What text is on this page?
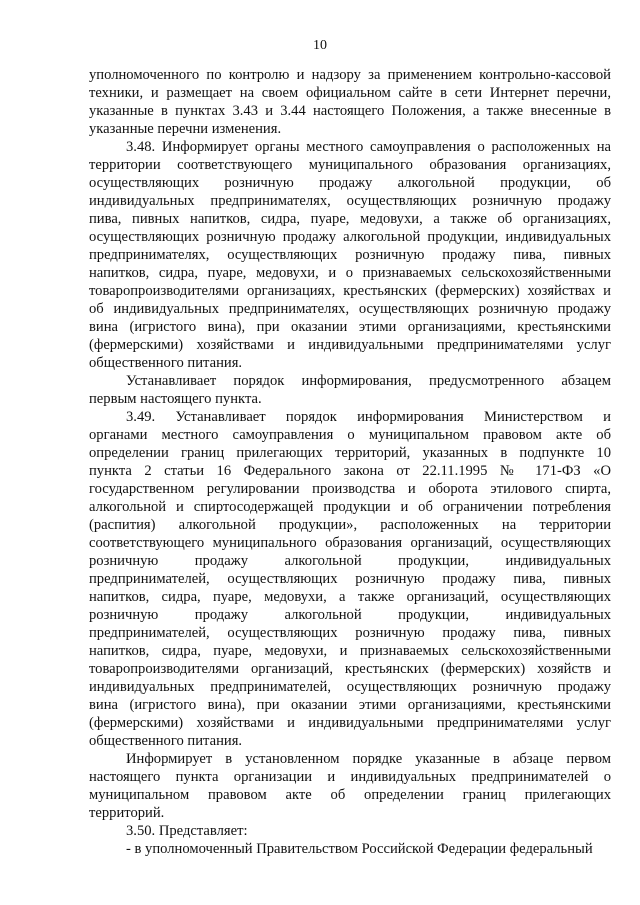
10
уполномоченного по контролю и надзору за применением контрольно-кассовой
техники, и размещает на своем официальном сайте в сети Интернет перечни,
указанные в пунктах 3.43 и 3.44 настоящего Положения, а также внесенные в
указанные перечни изменения.
3.48. Информирует органы местного самоуправления о расположенных на
территории соответствующего муниципального образования организациях,
осуществляющих розничную продажу алкогольной продукции, об
индивидуальных предпринимателях, осуществляющих розничную продажу
пива, пивных напитков, сидра, пуаре, медовухи, а также об организациях,
осуществляющих розничную продажу алкогольной продукции, индивидуальных
предпринимателях, осуществляющих розничную продажу пива, пивных
напитков, сидра, пуаре, медовухи, и о признаваемых сельскохозяйственными
товаропроизводителями организациях, крестьянских (фермерских) хозяйствах и
об индивидуальных предпринимателях, осуществляющих розничную продажу
вина (игристого вина), при оказании этими организациями, крестьянскими
(фермерскими) хозяйствами и индивидуальными предпринимателями услуг
общественного питания.
Устанавливает порядок информирования, предусмотренного абзацем
первым настоящего пункта.
3.49. Устанавливает порядок информирования Министерством и
органами местного самоуправления о муниципальном правовом акте об
определении границ прилегающих территорий, указанных в подпункте 10
пункта 2 статьи 16 Федерального закона от 22.11.1995 № 171-ФЗ «О
государственном регулировании производства и оборота этилового спирта,
алкогольной и спиртосодержащей продукции и об ограничении потребления
(распития) алкогольной продукции», расположенных на территории
соответствующего муниципального образования организаций, осуществляющих
розничную продажу алкогольной продукции, индивидуальных
предпринимателей, осуществляющих розничную продажу пива, пивных
напитков, сидра, пуаре, медовухи, а также организаций, осуществляющих
розничную продажу алкогольной продукции, индивидуальных
предпринимателей, осуществляющих розничную продажу пива, пивных
напитков, сидра, пуаре, медовухи, и признаваемых сельскохозяйственными
товаропроизводителями организаций, крестьянских (фермерских) хозяйств и
индивидуальных предпринимателей, осуществляющих розничную продажу
вина (игристого вина), при оказании этими организациями, крестьянскими
(фермерскими) хозяйствами и индивидуальными предпринимателями услуг
общественного питания.
Информирует в установленном порядке указанные в абзаце первом
настоящего пункта организации и индивидуальных предпринимателей о
муниципальном правовом акте об определении границ прилегающих
территорий.
3.50. Представляет:
- в уполномоченный Правительством Российской Федерации федеральный
